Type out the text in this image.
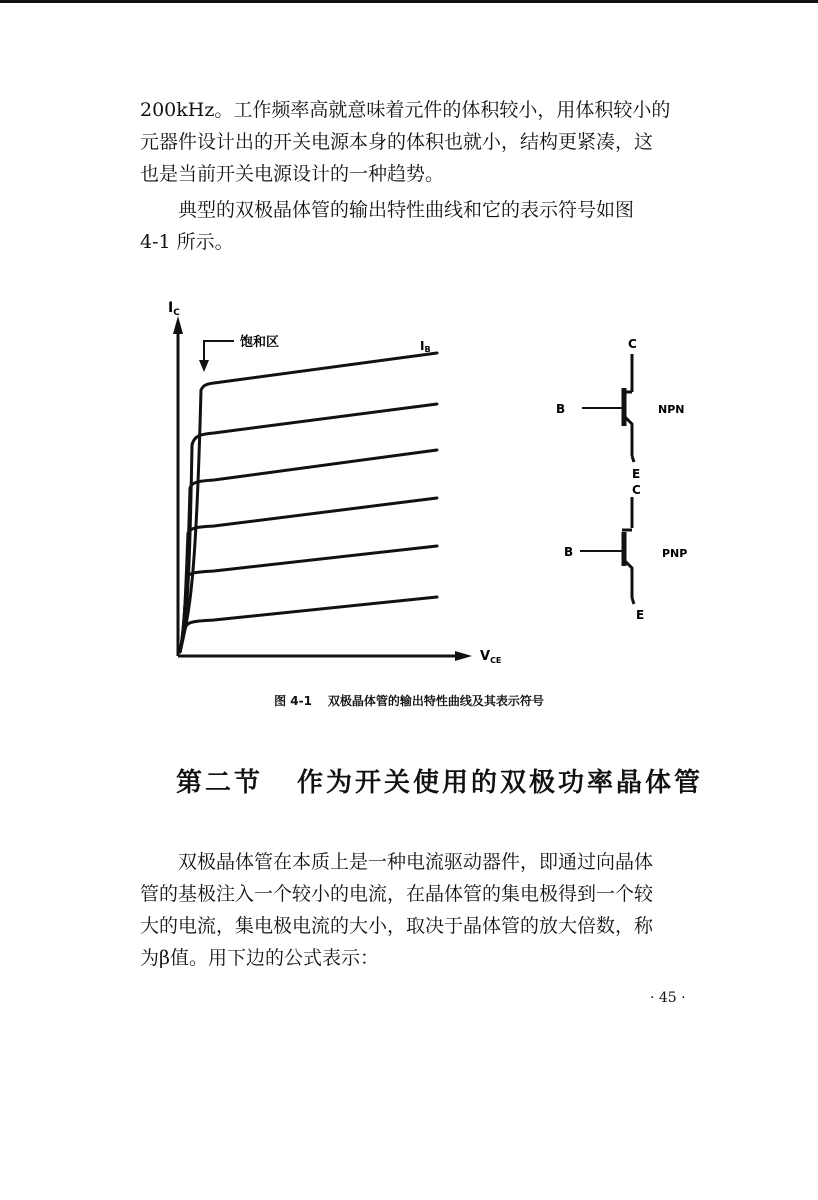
200kHz。工作频率高就意味着元件的体积较小，用体积较小的
元器件设计出的开关电源本身的体积也就小，结构更紧凑，这
也是当前开关电源设计的一种趋势。

典型的双极晶体管的输出特性曲线和它的表示符号如图
4-1 所示。

$I_C$
$V_{CE}$
饱和区	IB	C
B
E
NPN
C
B
E
PNP
图 4-1 双极晶体管的输出特性曲线及其表示符号
第二节 作为开关使用的双极功率晶体管

双极晶体管在本质上是一种电流驱动器件，即通过向晶体
管的基极注入一个较小的电流，在晶体管的集电极得到一个较
大的电流，集电极电流的大小，取决于晶体管的放大倍数，称
为β值。用下边的公式表示：

· 45 ·
